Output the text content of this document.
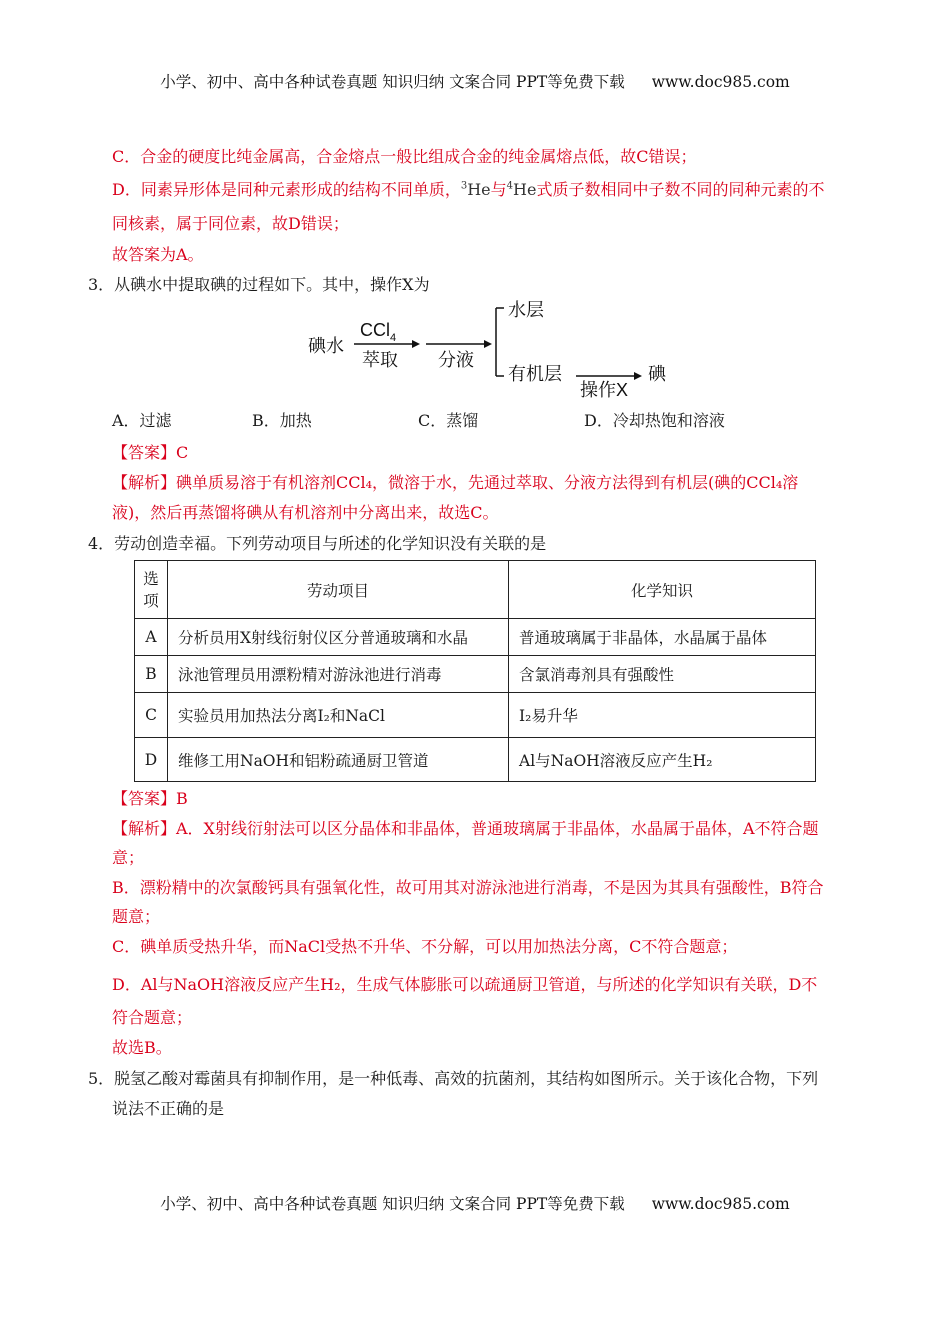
小学、初中、高中各种试卷真题 知识归纳 文案合同 PPT等免费下载 www.doc985.com
C．合金的硬度比纯金属高，合金熔点一般比组成合金的纯金属熔点低，故C错误；
D．同素异形体是同种元素形成的结构不同单质，$^3$He与$^4$He式质子数相同中子数不同的同种元素的不
同核素，属于同位素，故D错误；
故答案为A。
3．从碘水中提取碘的过程如下。其中，操作X为
碘水
CCl$_4$
萃取 分液
水层
有机层
操作X
碘
A．过滤	B．加热	C．蒸馏	D．冷却热饱和溶液
【答案】C
【解析】碘单质易溶于有机溶剂CCl₄，微溶于水，先通过萃取、分液方法得到有机层(碘的CCl₄溶
液)，然后再蒸馏将碘从有机溶剂中分离出来，故选C。
4．劳动创造幸福。下列劳动项目与所述的化学知识没有关联的是
选项	劳动项目	化学知识
A	分析员用X射线衍射仪区分普通玻璃和水晶	普通玻璃属于非晶体，水晶属于晶体
B	泳池管理员用漂粉精对游泳池进行消毒	含氯消毒剂具有强酸性
C	实验员用加热法分离I₂和NaCl	I₂易升华
D	维修工用NaOH和铝粉疏通厨卫管道	Al与NaOH溶液反应产生H₂
【答案】B
【解析】A．X射线衍射法可以区分晶体和非晶体，普通玻璃属于非晶体，水晶属于晶体，A不符合题
意；
B．漂粉精中的次氯酸钙具有强氧化性，故可用其对游泳池进行消毒，不是因为其具有强酸性，B符合
题意；
C．碘单质受热升华，而NaCl受热不升华、不分解，可以用加热法分离，C不符合题意；
D．Al与NaOH溶液反应产生H₂，生成气体膨胀可以疏通厨卫管道，与所述的化学知识有关联，D不
符合题意；
故选B。
5．脱氢乙酸对霉菌具有抑制作用，是一种低毒、高效的抗菌剂，其结构如图所示。关于该化合物，下列
说法不正确的是
小学、初中、高中各种试卷真题 知识归纳 文案合同 PPT等免费下载 www.doc985.com
